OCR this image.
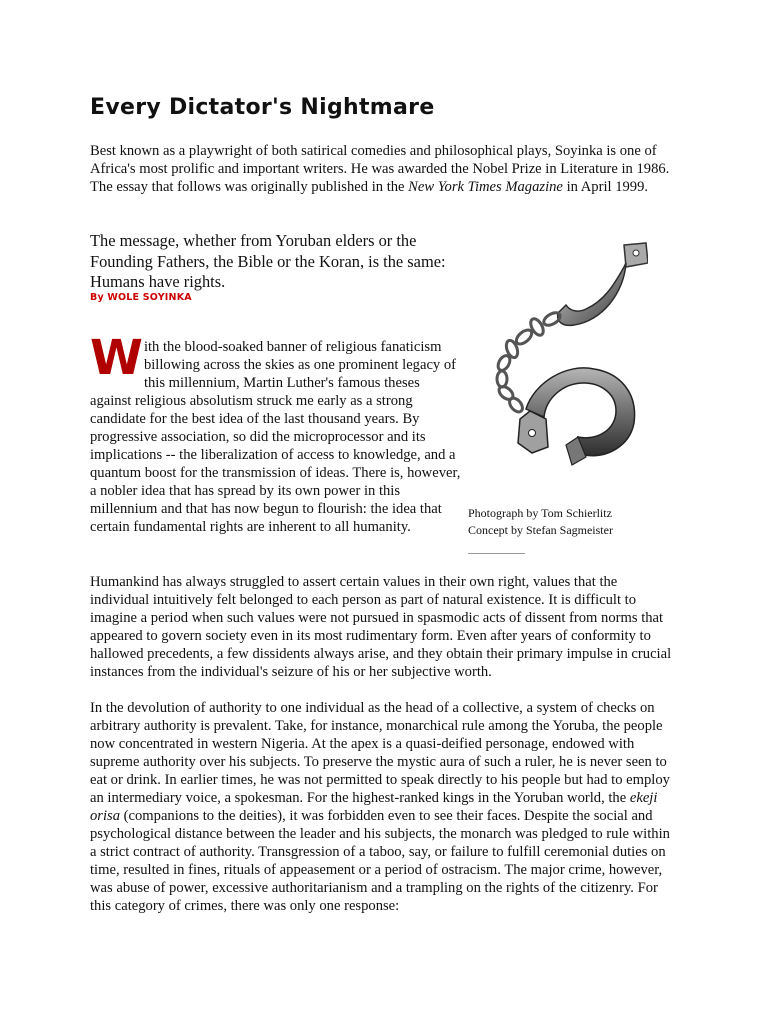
Every Dictator's Nightmare

Best known as a playwright of both satirical comedies and philosophical plays, Soyinka is one of Africa's most prolific and important writers. He was awarded the Nobel Prize in Literature in 1986. The essay that follows was originally published in the New York Times Magazine in April 1999.

The message, whether from Yoruban elders or the Founding Fathers, the Bible or the Koran, is the same: Humans have rights.

By WOLE SOYINKA

With the blood-soaked banner of religious fanaticism billowing across the skies as one prominent legacy of this millennium, Martin Luther's famous theses against religious absolutism struck me early as a strong candidate for the best idea of the last thousand years. By progressive association, so did the microprocessor and its implications -- the liberalization of access to knowledge, and a quantum boost for the transmission of ideas. There is, however, a nobler idea that has spread by its own power in this millennium and that has now begun to flourish: the idea that certain fundamental rights are inherent to all humanity.

Photograph by Tom Schierlitz
Concept by Stefan Sagmeister

Humankind has always struggled to assert certain values in their own right, values that the individual intuitively felt belonged to each person as part of natural existence. It is difficult to imagine a period when such values were not pursued in spasmodic acts of dissent from norms that appeared to govern society even in its most rudimentary form. Even after years of conformity to hallowed precedents, a few dissidents always arise, and they obtain their primary impulse in crucial instances from the individual's seizure of his or her subjective worth.

In the devolution of authority to one individual as the head of a collective, a system of checks on arbitrary authority is prevalent. Take, for instance, monarchical rule among the Yoruba, the people now concentrated in western Nigeria. At the apex is a quasi-deified personage, endowed with supreme authority over his subjects. To preserve the mystic aura of such a ruler, he is never seen to eat or drink. In earlier times, he was not permitted to speak directly to his people but had to employ an intermediary voice, a spokesman. For the highest-ranked kings in the Yoruban world, the ekeji orisa (companions to the deities), it was forbidden even to see their faces. Despite the social and psychological distance between the leader and his subjects, the monarch was pledged to rule within a strict contract of authority. Transgression of a taboo, say, or failure to fulfill ceremonial duties on time, resulted in fines, rituals of appeasement or a period of ostracism. The major crime, however, was abuse of power, excessive authoritarianism and a trampling on the rights of the citizenry. For this category of crimes, there was only one response:
